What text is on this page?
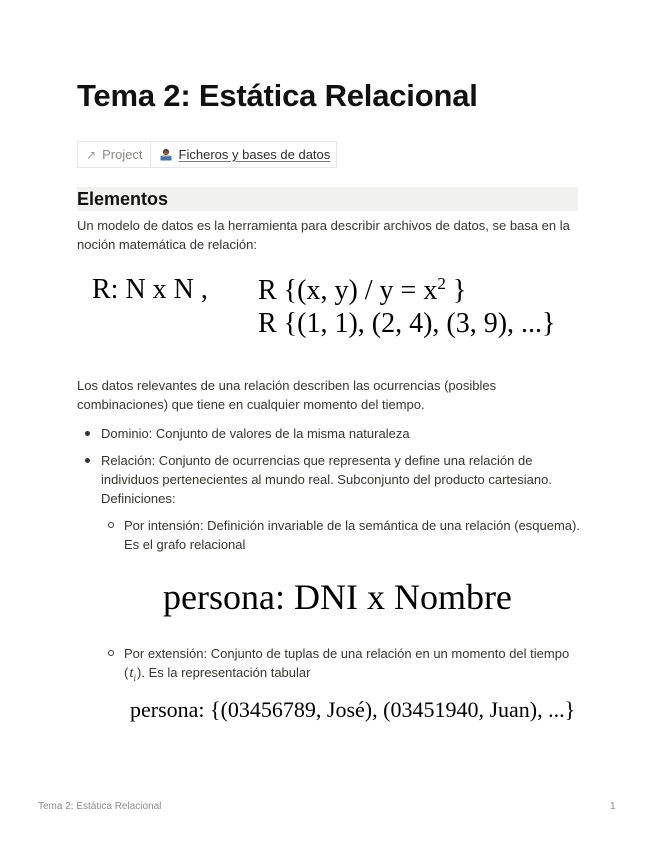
Tema 2: Estática Relacional
↗ Project	Ficheros y bases de datos
Elementos

Un modelo de datos es la herramienta para describir archivos de datos, se basa en la noción matemática de relación:

R: N x N , R {(x, $y) / y = x^2$ }
R {(1, 1), (2, 4), (3, 9), ...}

Los datos relevantes de una relación describen las ocurrencias (posibles combinaciones) que tiene en cualquier momento del tiempo.

Dominio: Conjunto de valores de la misma naturaleza
Relación: Conjunto de ocurrencias que representa y define una relación de individuos pertenecientes al mundo real. Subconjunto del producto cartesiano. Definiciones:
Por intensión: Definición invariable de la semántica de una relación (esquema). Es el grafo relacional
persona: DNI x Nombre
Por extensión: Conjunto de tuplas de una relación en un momento del tiempo $(t_i)$. Es la representación tabular
persona: {(03456789, José), (03451940, Juan), ...}
Tema 2: Estática Relacional	1
